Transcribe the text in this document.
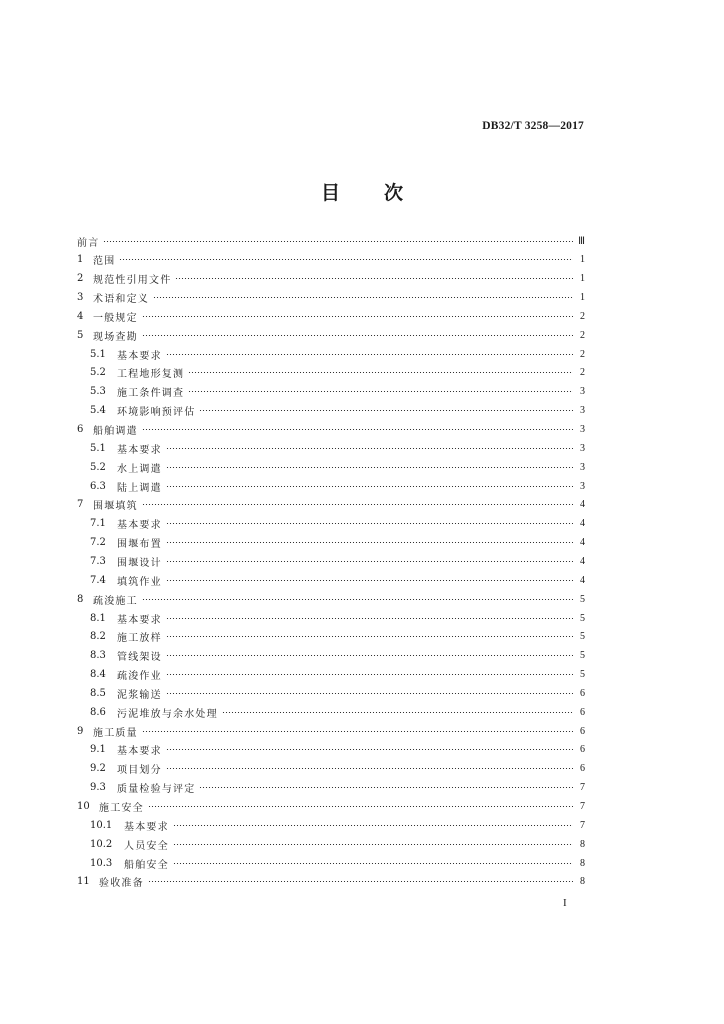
DB32/T 3258—2017
目 次
前言	Ⅲ
1 范围	1
2 规范性引用文件	1
3 术语和定义	1
4 一般规定	2
5 现场查勘	2
5.1	基本要求	2
5.2	工程地形复测	2
5.3	施工条件调查	3
5.4	环境影响预评估	3
6 船舶调遣	3
5.1	基本要求	3
5.2	水上调遣	3
6.3	陆上调遣	3
7 围堰填筑	4
7.1	基本要求	4
7.2	围堰布置	4
7.3	围堰设计	4
7.4	填筑作业	4
8 疏浚施工	5
8.1	基本要求	5
8.2	施工放样	5
8.3	管线架设	5
8.4	疏浚作业	5
8.5	泥浆输送	6
8.6	污泥堆放与余水处理	6
9 施工质量	6
9.1	基本要求	6
9.2	项目划分	6
9.3	质量检验与评定	7
10 施工安全	7
10.1	基本要求	7
10.2	人员安全	8
10.3	船舶安全	8
11 验收准备	8
I
